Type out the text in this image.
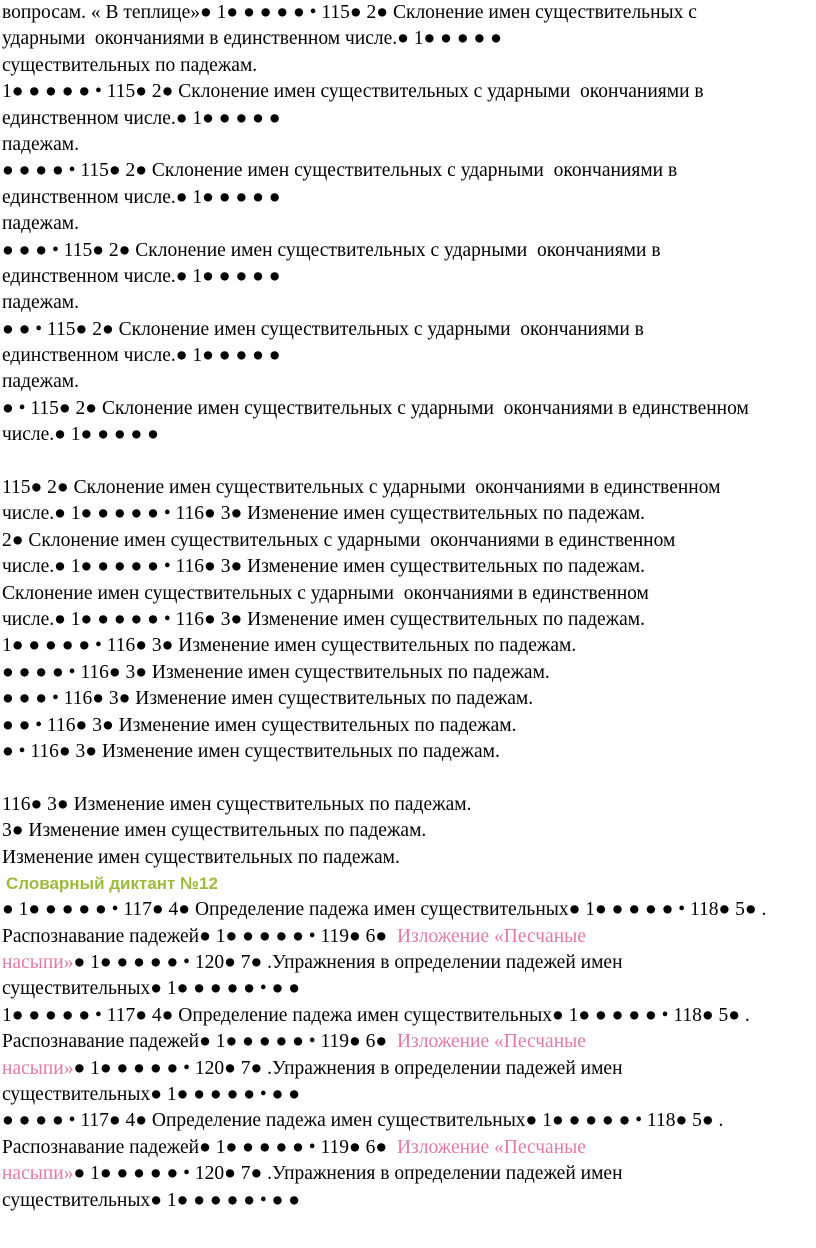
вопросам. « В теплице»● 1● ● ● ● ● • 115● 2● Склонение имен существительных с
ударными  окончаниями в единственном числе.● 1● ● ● ● ●
существительных по падежам.
1● ● ● ● ● • 115● 2● Склонение имен существительных с ударными  окончаниями в
единственном числе.● 1● ● ● ● ●
падежам.
● ● ● ● • 115● 2● Склонение имен существительных с ударными  окончаниями в
единственном числе.● 1● ● ● ● ●
падежам.
● ● ● • 115● 2● Склонение имен существительных с ударными  окончаниями в
единственном числе.● 1● ● ● ● ●
падежам.
● ● • 115● 2● Склонение имен существительных с ударными  окончаниями в
единственном числе.● 1● ● ● ● ●
падежам.
● • 115● 2● Склонение имен существительных с ударными  окончаниями в единственном
числе.● 1● ● ● ● ●
115● 2● Склонение имен существительных с ударными  окончаниями в единственном
числе.● 1● ● ● ● ● • 116● 3● Изменение имен существительных по падежам.
2● Склонение имен существительных с ударными  окончаниями в единственном
числе.● 1● ● ● ● ● • 116● 3● Изменение имен существительных по падежам.
Склонение имен существительных с ударными  окончаниями в единственном
числе.● 1● ● ● ● ● • 116● 3● Изменение имен существительных по падежам.
1● ● ● ● ● • 116● 3● Изменение имен существительных по падежам.
● ● ● ● • 116● 3● Изменение имен существительных по падежам.
● ● ● • 116● 3● Изменение имен существительных по падежам.
● ● • 116● 3● Изменение имен существительных по падежам.
● • 116● 3● Изменение имен существительных по падежам.
116● 3● Изменение имен существительных по падежам.
3● Изменение имен существительных по падежам.
Изменение имен существительных по падежам.
Словарный диктант №12
● 1● ● ● ● ● • 117● 4● Определение падежа имен существительных● 1● ● ● ● ● • 118● 5● .
Распознавание падежей● 1● ● ● ● ● • 119● 6●  Изложение «Песчаные
насыпи»● 1● ● ● ● ● • 120● 7● .Упражнения в определении падежей имен
существительных● 1● ● ● ● ● • ● ●
1● ● ● ● ● • 117● 4● Определение падежа имен существительных● 1● ● ● ● ● • 118● 5● .
Распознавание падежей● 1● ● ● ● ● • 119● 6●  Изложение «Песчаные
насыпи»● 1● ● ● ● ● • 120● 7● .Упражнения в определении падежей имен
существительных● 1● ● ● ● ● • ● ●
● ● ● ● • 117● 4● Определение падежа имен существительных● 1● ● ● ● ● • 118● 5● .
Распознавание падежей● 1● ● ● ● ● • 119● 6●  Изложение «Песчаные
насыпи»● 1● ● ● ● ● • 120● 7● .Упражнения в определении падежей имен
существительных● 1● ● ● ● ● • ● ●
